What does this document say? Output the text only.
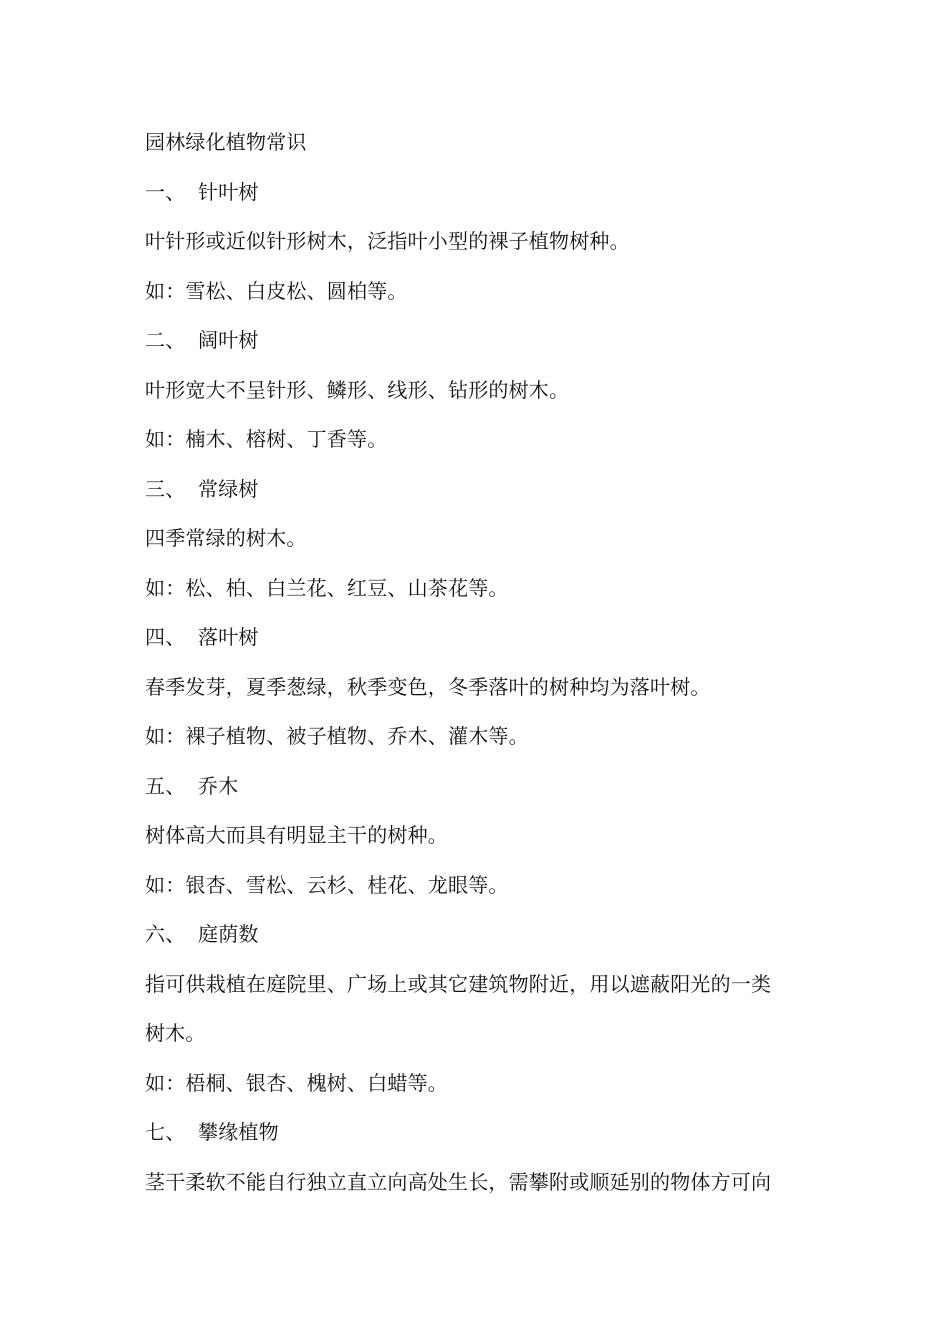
园林绿化植物常识
一、 针叶树
叶针形或近似针形树木，泛指叶小型的裸子植物树种。
如：雪松、白皮松、圆柏等。
二、 阔叶树
叶形宽大不呈针形、鳞形、线形、钻形的树木。
如：楠木、榕树、丁香等。
三、 常绿树
四季常绿的树木。
如：松、柏、白兰花、红豆、山茶花等。
四、 落叶树
春季发芽，夏季葱绿，秋季变色，冬季落叶的树种均为落叶树。
如：裸子植物、被子植物、乔木、灌木等。
五、 乔木
树体高大而具有明显主干的树种。
如：银杏、雪松、云杉、桂花、龙眼等。
六、 庭荫数
指可供栽植在庭院里、广场上或其它建筑物附近，用以遮蔽阳光的一类
树木。
如：梧桐、银杏、槐树、白蜡等。
七、 攀缘植物
茎干柔软不能自行独立直立向高处生长，需攀附或顺延别的物体方可向
